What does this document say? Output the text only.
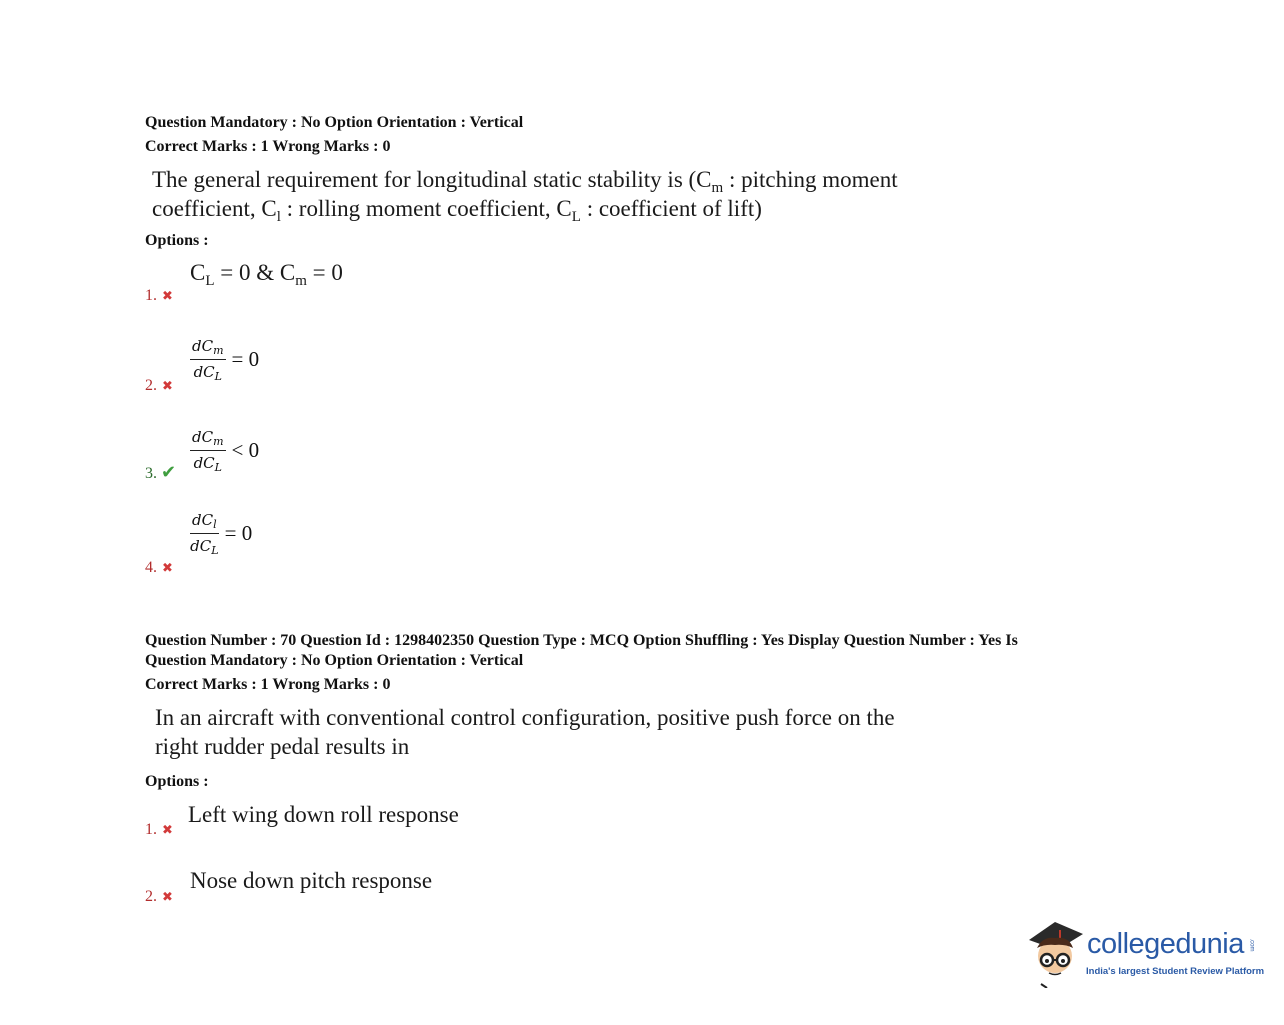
Question Mandatory : No Option Orientation : Vertical
Correct Marks : 1 Wrong Marks : 0
The general requirement for longitudinal static stability is ($C_m$ : pitching moment
coefficient, $C_l$ : rolling moment coefficient, $C_L$ : coefficient of lift)
Options :
$C_L = 0$ & $C_m = 0$
1. ✖
$\frac{dC_m}{dC_L} = 0$
2. ✖
$\frac{dC_m}{dC_L} < 0$
3. ✔
$\frac{dC_l}{dC_L} = 0$
4. ✖
Question Number : 70 Question Id : 1298402350 Question Type : MCQ Option Shuffling : Yes Display Question Number : Yes Is
Question Mandatory : No Option Orientation : Vertical
Correct Marks : 1 Wrong Marks : 0
In an aircraft with conventional control configuration, positive push force on the
right rudder pedal results in
Options :
Left wing down roll response
1. ✖
Nose down pitch response
2. ✖
collegedunia .com
India's largest Student Review Platform
